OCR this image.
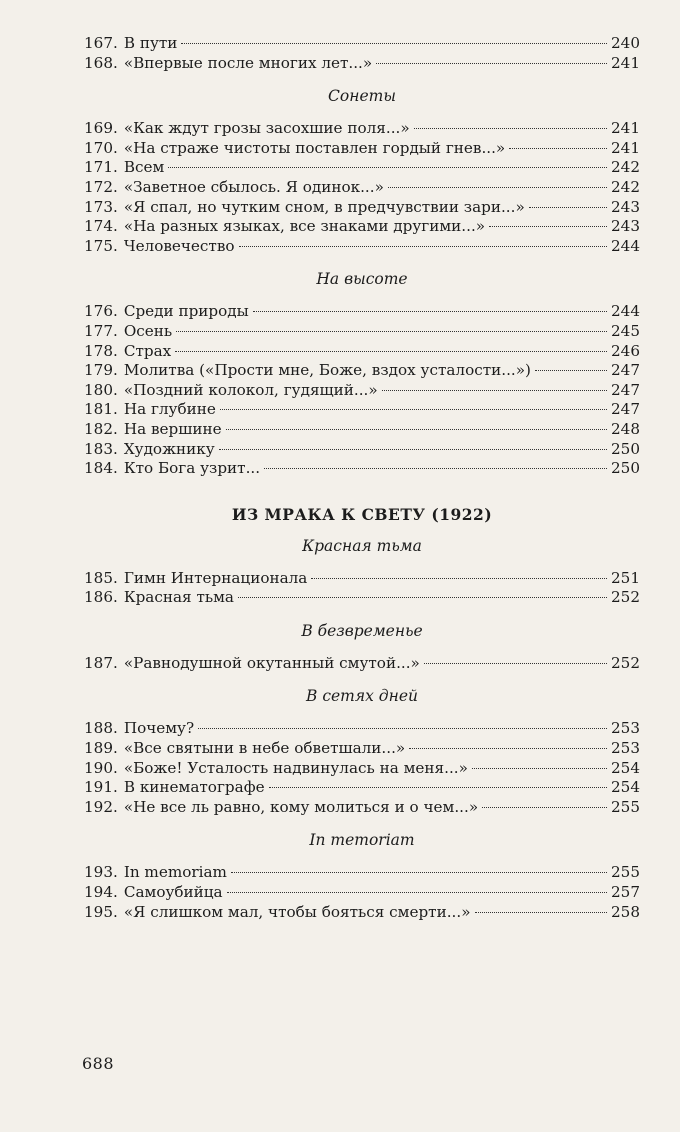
167. В пути	240
168. «Впервые после многих лет...»	241
Сонеты
169. «Как ждут грозы засохшие поля...»	241
170. «На страже чистоты поставлен гордый гнев...»	241
171. Всем	242
172. «Заветное сбылось. Я одинок...»	242
173. «Я спал, но чутким сном, в предчувствии зари...»	243
174. «На разных языках, все знаками другими...»	243
175. Человечество	244
На высоте
176. Среди природы	244
177. Осень	245
178. Страх	246
179. Молитва («Прости мне, Боже, вздох усталости...»)	247
180. «Поздний колокол, гудящий...»	247
181. На глубине	247
182. На вершине	248
183. Художнику	250
184. Кто Бога узрит...	250
ИЗ МРАКА К СВЕТУ (1922)
Красная тьма
185. Гимн Интернационала	251
186. Красная тьма	252
В безвременье
187. «Равнодушной окутанный смутой...»	252
В сетях дней
188. Почему?	253
189. «Все святыни в небе обветшали...»	253
190. «Боже! Усталость надвинулась на меня...»	254
191. В кинематографе	254
192. «Не все ль равно, кому молиться и о чем...»	255
In memoriam
193. In memoriam	255
194. Самоубийца	257
195. «Я слишком мал, чтобы бояться смерти...»	258
688
